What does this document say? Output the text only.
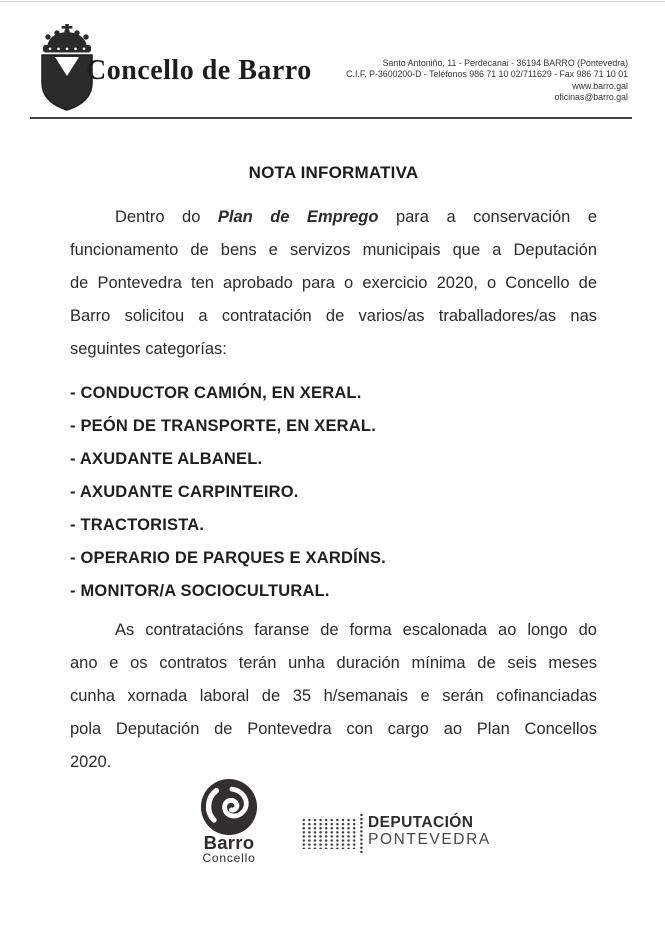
Concello de Barro	Santo Antoniño, 11 - Perdecanai - 36194 BARRO (Pontevedra)
C.I.F. P-3600200-D - Teléfonos 986 71 10 02/711629 - Fax 986 71 10 01
www.barro.gal
oficinas@barro.gal
NOTA INFORMATIVA
Dentro do Plan de Emprego para a conservación e
funcionamento de bens e servizos municipais que a Deputación
de Pontevedra ten aprobado para o exercicio 2020, o Concello de
Barro solicitou a contratación de varios/as traballadores/as nas
seguintes categorías:
- CONDUCTOR CAMIÓN, EN XERAL.
- PEÓN DE TRANSPORTE, EN XERAL.
- AXUDANTE ALBANEL.
- AXUDANTE CARPINTEIRO.
- TRACTORISTA.
- OPERARIO DE PARQUES E XARDÍNS.
- MONITOR/A SOCIOCULTURAL.
As contratacións faranse de forma escalonada ao longo do
ano e os contratos terán unha duración mínima de seis meses
cunha xornada laboral de 35 h/semanais e serán cofinanciadas
pola Deputación de Pontevedra con cargo ao Plan Concellos
2020.
Barro
Concello
DEPUTACIÓN
PONTEVEDRA
